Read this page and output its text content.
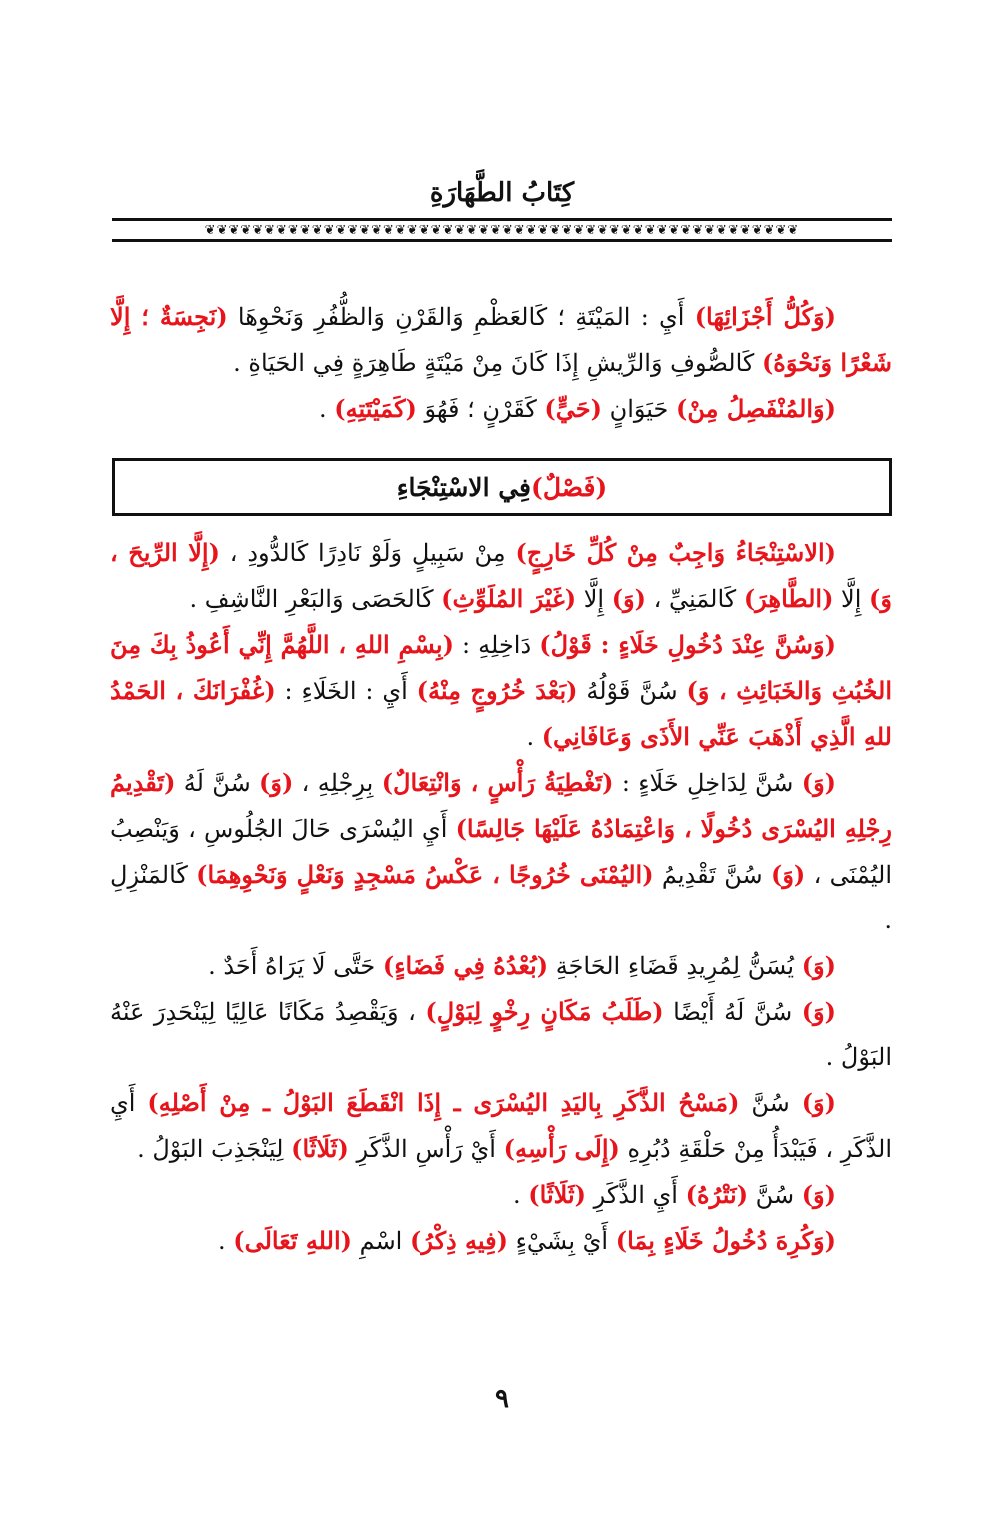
كِتَابُ الطَّهَارَةِ
❦❦❦❦❦❦❦❦❦❦❦❦❦❦❦❦❦❦❦❦❦❦❦❦❦❦❦❦❦❦❦❦❦❦❦❦❦❦❦❦❦❦❦❦❦❦❦❦❦❦

(وَكُلُّ أَجْزَائِهَا) أَيِ : المَيْتَةِ ؛ كَالعَظْمِ وَالقَرْنِ وَالظُّفُرِ وَنَحْوِهَا (نَجِسَةٌ ؛ إِلَّا شَعْرًا وَنَحْوَهُ) كَالصُّوفِ وَالرِّيشِ إِذَا كَانَ مِنْ مَيْتَةٍ طَاهِرَةٍ فِي الحَيَاةِ .

(وَالمُنْفَصِلُ مِنْ) حَيَوَانٍ (حَيٍّ) كَقَرْنٍ ؛ فَهُوَ (كَمَيْتَتِهِ) .

(فَصْلٌ)
فِي الاسْتِنْجَاءِ

(الاسْتِنْجَاءُ وَاجِبٌ مِنْ كُلِّ خَارِجٍ) مِنْ سَبِيلٍ وَلَوْ نَادِرًا كَالدُّودِ ، (إِلَّا الرِّيحَ ، وَ) إِلَّا (الطَّاهِرَ) كَالمَنِيِّ ، (وَ) إِلَّا (غَيْرَ المُلَوِّثِ) كَالحَصَى وَالبَعْرِ النَّاشِفِ .

(وَسُنَّ عِنْدَ دُخُولِ خَلَاءٍ : قَوْلُ) دَاخِلِهِ : (بِسْمِ اللهِ ، اللَّهُمَّ إِنِّي أَعُوذُ بِكَ مِنَ الخُبُثِ وَالخَبَائِثِ ، وَ) سُنَّ قَوْلُهُ (بَعْدَ خُرُوجٍ مِنْهُ) أَيِ : الخَلَاءِ : (غُفْرَانَكَ ، الحَمْدُ للهِ الَّذِي أَذْهَبَ عَنِّي الأَذَى وَعَافَانِي) .

(وَ) سُنَّ لِدَاخِلِ خَلَاءٍ : (تَغْطِيَةُ رَأْسٍ ، وَانْتِعَالٌ) بِرِجْلِهِ ، (وَ) سُنَّ لَهُ (تَقْدِيمُ رِجْلِهِ اليُسْرَى دُخُولًا ، وَاعْتِمَادُهُ عَلَيْهَا جَالِسًا) أَيِ اليُسْرَى حَالَ الجُلُوسِ ، وَيَنْصِبُ اليُمْنَى ، (وَ) سُنَّ تَقْدِيمُ (اليُمْنَى خُرُوجًا ، عَكْسُ مَسْجِدٍ وَنَعْلٍ وَنَحْوِهِمَا) كَالمَنْزِلِ .

(وَ) يُسَنُّ لِمُرِيدِ قَضَاءِ الحَاجَةِ (بُعْدُهُ فِي فَضَاءٍ) حَتَّى لَا يَرَاهُ أَحَدٌ .

(وَ) سُنَّ لَهُ أَيْضًا (طَلَبُ مَكَانٍ رِخْوٍ لِبَوْلٍ) ، وَيَقْصِدُ مَكَانًا عَالِيًا لِيَنْحَدِرَ عَنْهُ البَوْلُ .

(وَ) سُنَّ (مَسْحُ الذَّكَرِ بِاليَدِ اليُسْرَى ـ إِذَا انْقَطَعَ البَوْلُ ـ مِنْ أَصْلِهِ) أَيِ الذَّكَرِ ، فَيَبْدَأُ مِنْ حَلْقَةِ دُبُرِهِ (إِلَى رَأْسِهِ) أَيْ رَأْسِ الذَّكَرِ (ثَلَاثًا) لِيَنْجَذِبَ البَوْلُ .

(وَ) سُنَّ (نَتْرُهُ) أَيِ الذَّكَرِ (ثَلَاثًا) .

(وَكُرِهَ دُخُولُ خَلَاءٍ بِمَا) أَيْ بِشَيْءٍ (فِيهِ ذِكْرُ) اسْمِ (اللهِ تَعَالَى) .

٩
